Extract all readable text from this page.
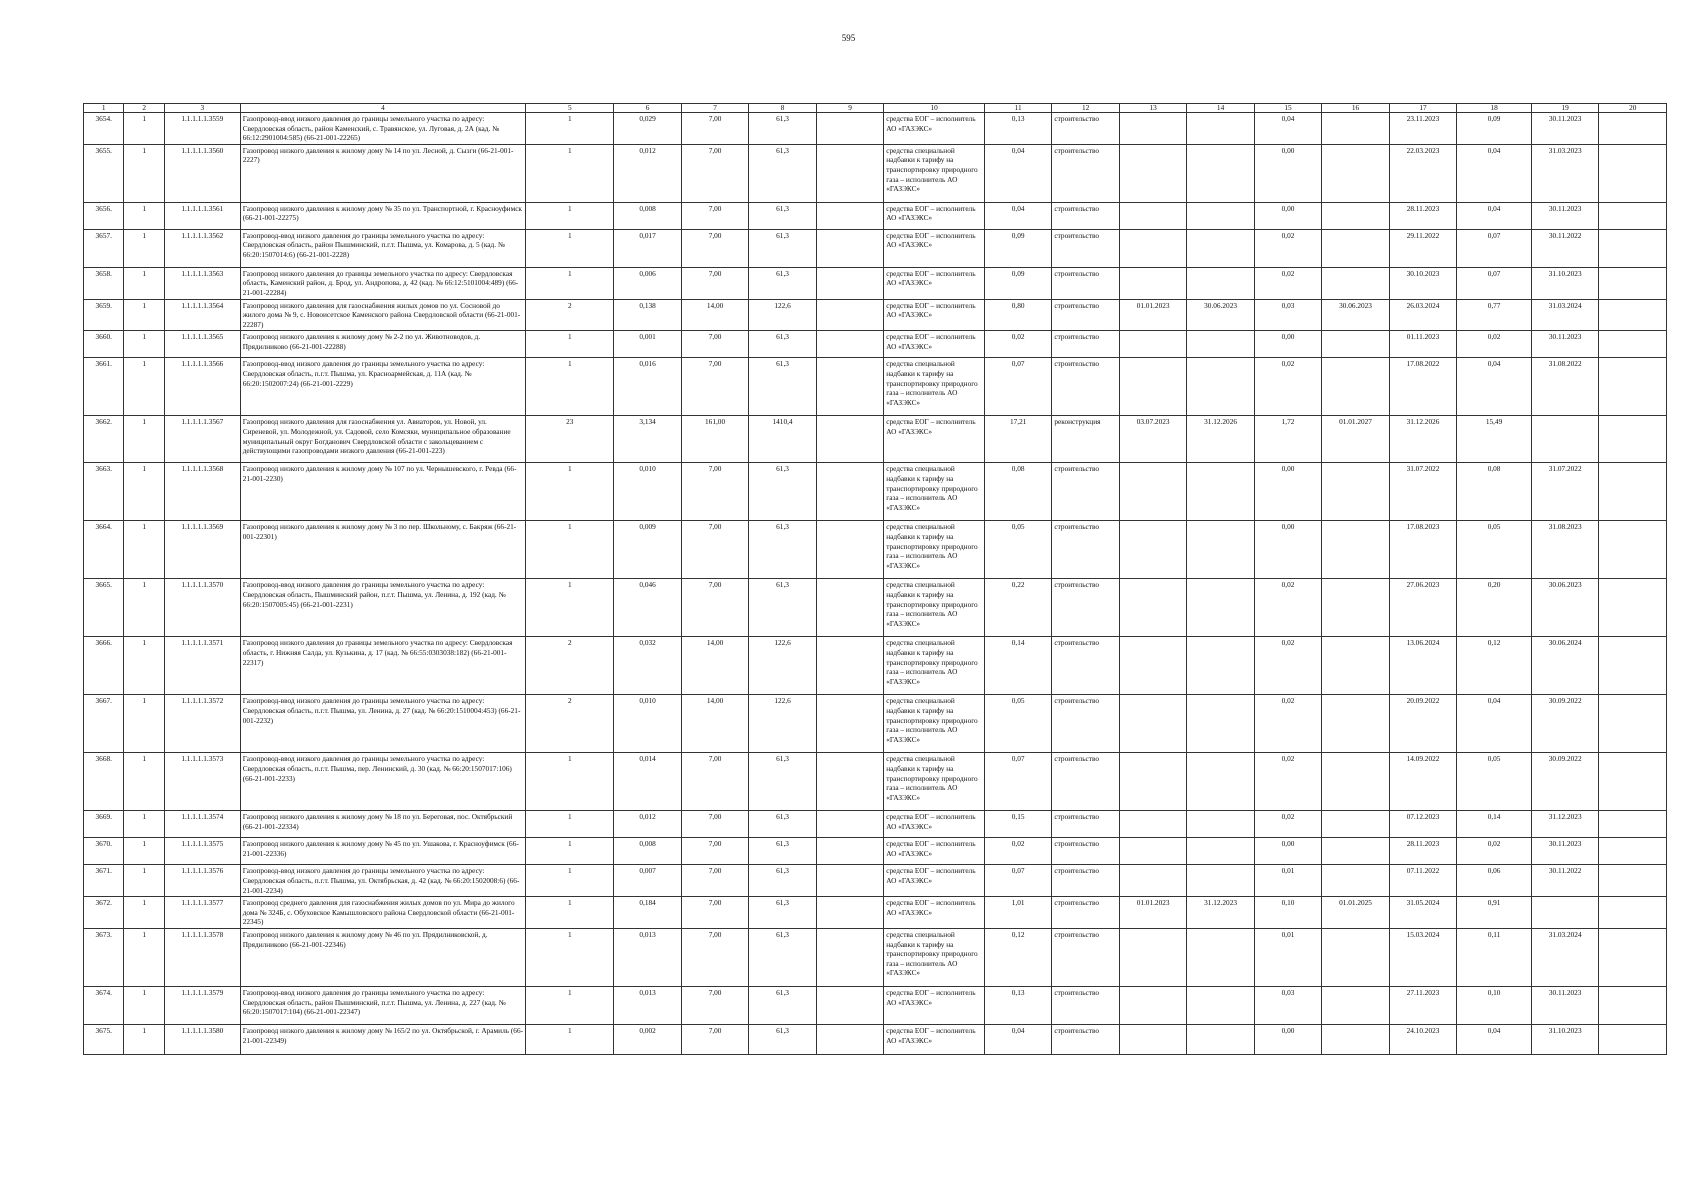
595
1	2	3	4	5	6	7	8	9	10	11	12	13	14	15	16	17	18	19	20
3654.	1	1.1.1.1.1.3559	Газопровод-ввод низкого давления до границы земельного участка по адресу: Свердловская область, район Каменский, с. Травянское, ул. Луговая, д. 2А (кад. № 66:12:2901004:585) (66-21-001-22265)	1	0,029	7,00	61,3		средства ЕОГ – исполнитель АО «ГАЗЭКС»	0,13	строительство			0,04		23.11.2023	0,09	30.11.2023	
3655.	1	1.1.1.1.1.3560	Газопровод низкого давления к жилому дому № 14 по ул. Лесной, д. Сызги (66-21-001-2227)	1	0,012	7,00	61,3		средства специальной надбавки к тарифу на транспортировку природного газа – исполнитель АО «ГАЗЭКС»	0,04	строительство			0,00		22.03.2023	0,04	31.03.2023	
3656.	1	1.1.1.1.1.3561	Газопровод низкого давления к жилому дому № 35 по ул. Транспортной, г. Красноуфимск (66-21-001-22275)	1	0,008	7,00	61,3		средства ЕОГ – исполнитель АО «ГАЗЭКС»	0,04	строительство			0,00		28.11.2023	0,04	30.11.2023	
3657.	1	1.1.1.1.1.3562	Газопровод-ввод низкого давления до границы земельного участка по адресу: Свердловская область, район Пышминский, п.г.т. Пышма, ул. Комарова, д. 5 (кад. № 66:20:1507014:6) (66-21-001-2228)	1	0,017	7,00	61,3		средства ЕОГ – исполнитель АО «ГАЗЭКС»	0,09	строительство			0,02		29.11.2022	0,07	30.11.2022	
3658.	1	1.1.1.1.1.3563	Газопровод низкого давления до границы земельного участка по адресу: Свердловская область, Каменский район, д. Брод, ул. Андропова, д. 42 (кад. № 66:12:5101004:489) (66-21-001-22284)	1	0,006	7,00	61,3		средства ЕОГ – исполнитель АО «ГАЗЭКС»	0,09	строительство			0,02		30.10.2023	0,07	31.10.2023	
3659.	1	1.1.1.1.1.3564	Газопровод низкого давления для газоснабжения жилых домов по ул. Сосновой до жилого дома № 9, с. Новоисетское Каменского района Свердловской области (66-21-001-22287)	2	0,138	14,00	122,6		средства ЕОГ – исполнитель АО «ГАЗЭКС»	0,80	строительство	01.01.2023	30.06.2023	0,03	30.06.2023	26.03.2024	0,77	31.03.2024	
3660.	1	1.1.1.1.1.3565	Газопровод низкого давления к жилому дому № 2-2 по ул. Животноводов, д. Прядилниково (66-21-001-22288)	1	0,001	7,00	61,3		средства ЕОГ – исполнитель АО «ГАЗЭКС»	0,02	строительство			0,00		01.11.2023	0,02	30.11.2023	
3661.	1	1.1.1.1.1.3566	Газопровод-ввод низкого давления до границы земельного участка по адресу: Свердловская область, п.г.т. Пышма, ул. Красноармейская, д. 11А (кад. № 66:20:1502007:24) (66-21-001-2229)	1	0,016	7,00	61,3		средства специальной надбавки к тарифу на транспортировку природного газа – исполнитель АО «ГАЗЭКС»	0,07	строительство			0,02		17.08.2022	0,04	31.08.2022	
3662.	1	1.1.1.1.1.3567	Газопровод низкого давления для газоснабжения ул. Авиаторов, ул. Новой, ул. Сиреневой, ул. Молодежной, ул. Садовой, село Комсяки, муниципальное образование муниципальный округ Богданович Свердловской области с закольцеванием с действующими газопроводами низкого давления (66-21-001-223)	23	3,134	161,00	1410,4		средства ЕОГ – исполнитель АО «ГАЗЭКС»	17,21	реконструкция	03.07.2023	31.12.2026	1,72	01.01.2027	31.12.2026	15,49		
3663.	1	1.1.1.1.1.3568	Газопровод низкого давления к жилому дому № 107 по ул. Чернышевского, г. Ревда (66-21-001-2230)	1	0,010	7,00	61,3		средства специальной надбавки к тарифу на транспортировку природного газа – исполнитель АО «ГАЗЭКС»	0,08	строительство			0,00		31.07.2022	0,08	31.07.2022	
3664.	1	1.1.1.1.1.3569	Газопровод низкого давления к жилому дому № 3 по пер. Школьному, с. Бакряж (66-21-001-22301)	1	0,009	7,00	61,3		средства специальной надбавки к тарифу на транспортировку природного газа – исполнитель АО «ГАЗЭКС»	0,05	строительство			0,00		17.08.2023	0,05	31.08.2023	
3665.	1	1.1.1.1.1.3570	Газопровод-ввод низкого давления до границы земельного участка по адресу: Свердловская область, Пышминский район, п.г.т. Пышма, ул. Ленина, д. 192 (кад. № 66:20:1507005:45) (66-21-001-2231)	1	0,046	7,00	61,3		средства специальной надбавки к тарифу на транспортировку природного газа – исполнитель АО «ГАЗЭКС»	0,22	строительство			0,02		27.06.2023	0,20	30.06.2023	
3666.	1	1.1.1.1.1.3571	Газопровод низкого давления до границы земельного участка по адресу: Свердловская область, г. Нижняя Салда, ул. Кузькина, д. 17 (кад. № 66:55:0303038:182) (66-21-001-22317)	2	0,032	14,00	122,6		средства специальной надбавки к тарифу на транспортировку природного газа – исполнитель АО «ГАЗЭКС»	0,14	строительство			0,02		13.06.2024	0,12	30.06.2024	
3667.	1	1.1.1.1.1.3572	Газопровод-ввод низкого давления до границы земельного участка по адресу: Свердловская область, п.г.т. Пышма, ул. Ленина, д. 27 (кад. № 66:20:1510004:453) (66-21-001-2232)	2	0,010	14,00	122,6		средства специальной надбавки к тарифу на транспортировку природного газа – исполнитель АО «ГАЗЭКС»	0,05	строительство			0,02		20.09.2022	0,04	30.09.2022	
3668.	1	1.1.1.1.1.3573	Газопровод-ввод низкого давления до границы земельного участка по адресу: Свердловская область, п.г.т. Пышма, пер. Ленинский, д. 30 (кад. № 66:20:1507017:106) (66-21-001-2233)	1	0,014	7,00	61,3		средства специальной надбавки к тарифу на транспортировку природного газа – исполнитель АО «ГАЗЭКС»	0,07	строительство			0,02		14.09.2022	0,05	30.09.2022	
3669.	1	1.1.1.1.1.3574	Газопровод низкого давления к жилому дому № 18 по ул. Береговая, пос. Октябрьский (66-21-001-22334)	1	0,012	7,00	61,3		средства ЕОГ – исполнитель АО «ГАЗЭКС»	0,15	строительство			0,02		07.12.2023	0,14	31.12.2023	
3670.	1	1.1.1.1.1.3575	Газопровод низкого давления к жилому дому № 45 по ул. Ушакова, г. Красноуфимск (66-21-001-22336)	1	0,008	7,00	61,3		средства ЕОГ – исполнитель АО «ГАЗЭКС»	0,02	строительство			0,00		28.11.2023	0,02	30.11.2023	
3671.	1	1.1.1.1.1.3576	Газопровод-ввод низкого давления до границы земельного участка по адресу: Свердловская область, п.г.т. Пышма, ул. Октябрьская, д. 42 (кад. № 66:20:1502008:6) (66-21-001-2234)	1	0,007	7,00	61,3		средства ЕОГ – исполнитель АО «ГАЗЭКС»	0,07	строительство			0,01		07.11.2022	0,06	30.11.2022	
3672.	1	1.1.1.1.1.3577	Газопровод среднего давления для газоснабжения жилых домов по ул. Мира до жилого дома № 324Б, с. Обуховское Камышловского района Свердловской области (66-21-001-22345)	1	0,184	7,00	61,3		средства ЕОГ – исполнитель АО «ГАЗЭКС»	1,01	строительство	01.01.2023	31.12.2023	0,10	01.01.2025	31.05.2024	0,91		
3673.	1	1.1.1.1.1.3578	Газопровод низкого давления к жилому дому № 46 по ул. Прядилниковской, д. Прядилниково (66-21-001-22346)	1	0,013	7,00	61,3		средства специальной надбавки к тарифу на транспортировку природного газа – исполнитель АО «ГАЗЭКС»	0,12	строительство			0,01		15.03.2024	0,11	31.03.2024	
3674.	1	1.1.1.1.1.3579	Газопровод-ввод низкого давления до границы земельного участка по адресу: Свердловская область, район Пышминский, п.г.т. Пышма, ул. Ленина, д. 227 (кад. № 66:20:1507017:104) (66-21-001-22347)	1	0,013	7,00	61,3		средства ЕОГ – исполнитель АО «ГАЗЭКС»	0,13	строительство			0,03		27.11.2023	0,10	30.11.2023	
3675.	1	1.1.1.1.1.3580	Газопровод низкого давления к жилому дому № 165/2 по ул. Октябрьской, г. Арамиль (66-21-001-22349)	1	0,002	7,00	61,3		средства ЕОГ – исполнитель АО «ГАЗЭКС»	0,04	строительство			0,00		24.10.2023	0,04	31.10.2023	
